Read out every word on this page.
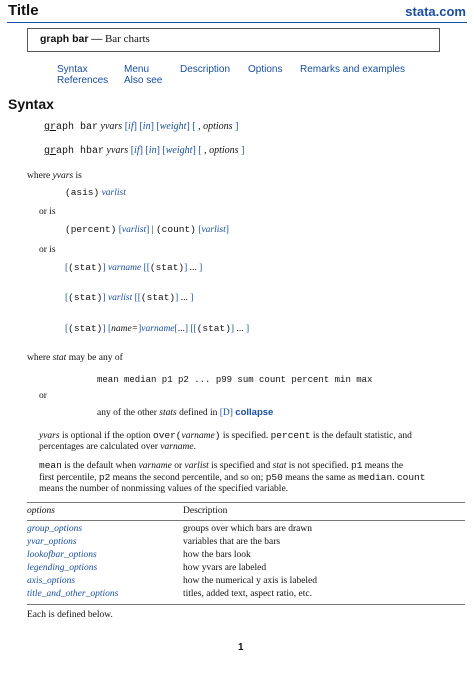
Title	stata.com
graph bar — Bar charts
Syntax	Menu	Description Options Remarks and examples
References Also see
Syntax
graph bar yvars [if] [in] [weight] [ , options ]
graph hbar yvars [if] [in] [weight] [ , options ]
where yvars is
(asis) varlist
or is
(percent) [varlist] | (count) [varlist]
or is
[(stat)] varname [[(stat)] ... ]
[(stat)] varlist [[(stat)] ... ]
[(stat)] [name=]varname[...] [[(stat)] ... ]
where stat may be any of
mean median p1 p2 ... p99 sum count percent min max
or
any of the other stats defined in [D] collapse
yvars is optional if the option over(varname) is specified. percent is the default statistic, and
percentages are calculated over varname.
mean is the default when varname or varlist is specified and stat is not specified. p1 means the
first percentile, p2 means the second percentile, and so on; p50 means the same as median. count
means the number of nonmissing values of the specified variable.
options	Description
group_options	groups over which bars are drawn
yvar_options	variables that are the bars
lookofbar_options	how the bars look
legending_options	how yvars are labeled
axis_options	how the numerical y axis is labeled
title_and_other_options	titles, added text, aspect ratio, etc.
Each is defined below.
1
